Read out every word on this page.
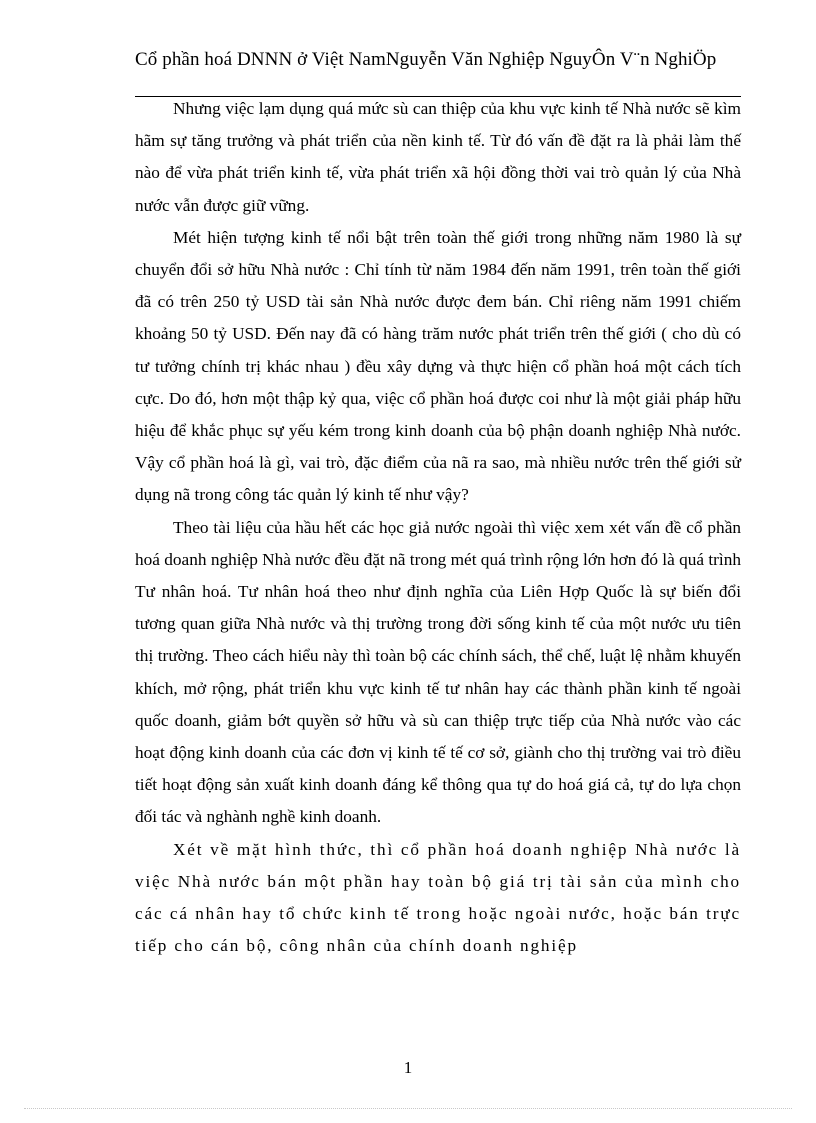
Cổ phần hoá DNNN ở Việt NamNguyễn Văn Nghiệp NguyÔn V¨n NghiÖp

Nhưng việc lạm dụng quá mức sù can thiệp của khu vực kinh tế Nhà nước sẽ kìm hãm sự tăng trưởng và phát triển của nền kinh tế. Từ đó vấn đề đặt ra là phải làm thế nào để vừa phát triển kinh tế, vừa phát triển xã hội đồng thời vai trò quản lý của Nhà nước vẫn được giữ vững.

Mét hiện tượng kinh tế nổi bật trên toàn thế giới trong những năm 1980 là sự chuyển đổi sở hữu Nhà nước : Chỉ tính từ năm 1984 đến năm 1991, trên toàn thế giới đã có trên 250 tỷ USD tài sản Nhà nước được đem bán. Chỉ riêng năm 1991 chiếm khoảng 50 tỷ USD. Đến nay đã có hàng trăm nước phát triển trên thế giới ( cho dù có tư tưởng chính trị khác nhau ) đều xây dựng và thực hiện cổ phần hoá một cách tích cực. Do đó, hơn một thập kỷ qua, việc cổ phần hoá được coi như là một giải pháp hữu hiệu để khắc phục sự yếu kém trong kinh doanh của bộ phận doanh nghiệp Nhà nước. Vậy cổ phần hoá là gì, vai trò, đặc điểm của nã ra sao, mà nhiều nước trên thế giới sử dụng nã trong công tác quản lý kinh tế như vậy?

Theo tài liệu của hầu hết các học giả nước ngoài thì việc xem xét vấn đề cổ phần hoá doanh nghiệp Nhà nước đều đặt nã trong mét quá trình rộng lớn hơn đó là quá trình Tư nhân hoá. Tư nhân hoá theo như định nghĩa của Liên Hợp Quốc là sự biến đổi tương quan giữa Nhà nước và thị trường trong đời sống kinh tế của một nước ưu tiên thị trường. Theo cách hiểu này thì toàn bộ các chính sách, thể chế, luật lệ nhằm khuyến khích, mở rộng, phát triển khu vực kinh tế tư nhân hay các thành phần kinh tế ngoài quốc doanh, giảm bớt quyền sở hữu và sù can thiệp trực tiếp của Nhà nước vào các hoạt động kinh doanh của các đơn vị kinh tế tế cơ sở, giành cho thị trường vai trò điều tiết hoạt động sản xuất kinh doanh đáng kể thông qua tự do hoá giá cả, tự do lựa chọn đối tác và nghành nghề kinh doanh.

Xét về mặt hình thức, thì cổ phần hoá doanh nghiệp Nhà nước là việc Nhà nước bán một phần hay toàn bộ giá trị tài sản của mình cho các cá nhân hay tổ chức kinh tế trong hoặc ngoài nước, hoặc bán trực tiếp cho cán bộ, công nhân của chính doanh nghiệp

1
